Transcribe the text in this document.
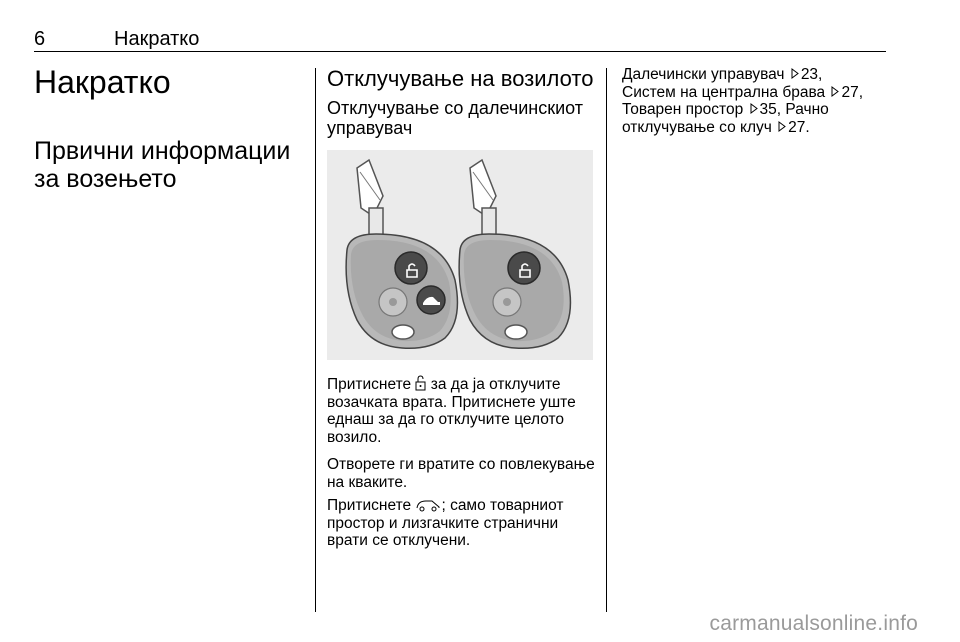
6	Накратко
Накратко
Првични информации за возењето
Отклучување на возилото
Отклучување со далечинскиот управувач
Притиснете  за да ја отклучите возачката врата. Притиснете уште еднаш за да го отклучите целото возило.
Отворете ги вратите со повлекување на кваките.
Притиснете ; само товарниот простор и лизгачките странични врати се отклучени.
Далечински управувач 23,
Систем на централна брава 27,
Товарен простор 35, Рачно отклучување со клуч 27.
carmanualsonline.info
